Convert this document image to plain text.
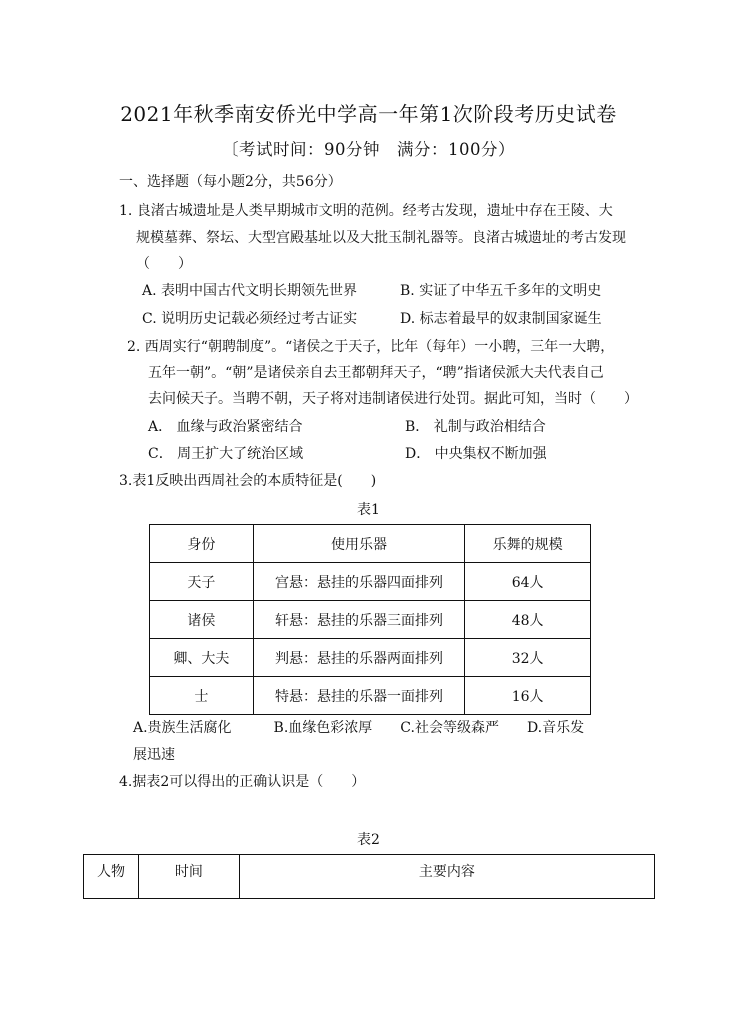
2021年秋季南安侨光中学高一年第1次阶段考历史试卷
〔考试时间：90分钟　满分：100分）
一、选择题（每小题2分，共56分）
1. 良渚古城遗址是人类早期城市文明的范例。经考古发现，遗址中存在王陵、大
规模墓葬、祭坛、大型宫殿基址以及大批玉制礼器等。良渚古城遗址的考古发现
（　　）
A. 表明中国古代文明长期领先世界	B. 实证了中华五千多年的文明史
C. 说明历史记载必须经过考古证实	D. 标志着最早的奴隶制国家诞生
2. 西周实行“朝聘制度”。“诸侯之于天子，比年（每年）一小聘，三年一大聘，
五年一朝”。“朝”是诸侯亲自去王都朝拜天子，“聘”指诸侯派大夫代表自己
去问候天子。当聘不朝，天子将对违制诸侯进行处罚。据此可知，当时（　　）
A． 血缘与政治紧密结合	B． 礼制与政治相结合
C． 周王扩大了统治区域	D． 中央集权不断加强
3.表1反映出西周社会的本质特征是(　　)
表1
身份	使用乐器	乐舞的规模
天子	宫悬：悬挂的乐器四面排列	64人
诸侯	轩悬：悬挂的乐器三面排列	48人
卿、大夫	判悬：悬挂的乐器两面排列	32人
士	特悬：悬挂的乐器一面排列	16人
A.贵族生活腐化　　　B.血缘色彩浓厚　　C.社会等级森严　　D.音乐发
展迅速
4.据表2可以得出的正确认识是（　　）
表2
人物	时间	主要内容
